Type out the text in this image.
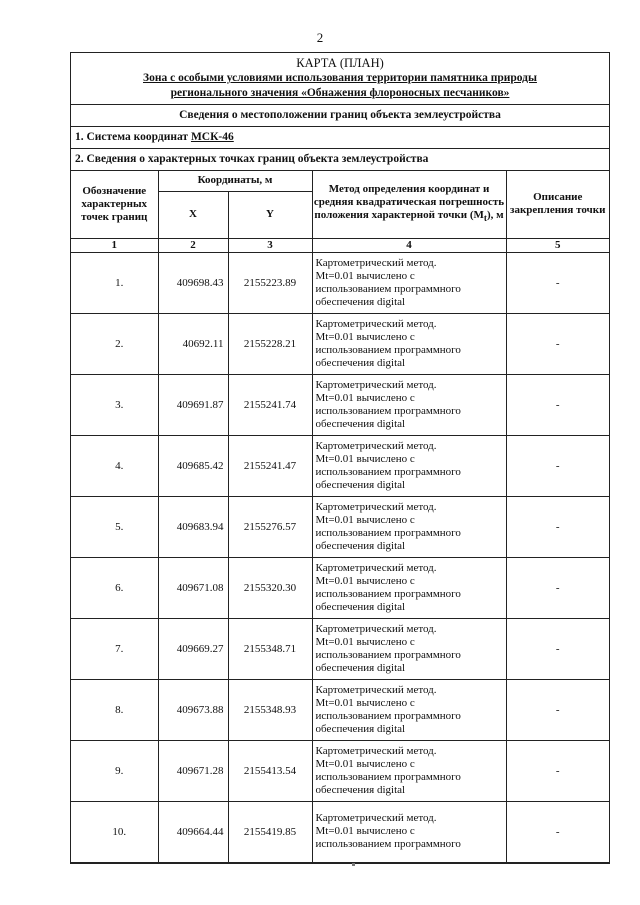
2
КАРТА (ПЛАН)
Зона с особыми условиями использования территории памятника природы
регионального значения «Обнажения флороносных песчаников»
Сведения о местоположении границ объекта землеустройства
1. Система координат МСК-46
2. Сведения о характерных точках границ объекта землеустройства
Обозначение характерных точек границ	Координаты, м		Метод определения координат и средняя квадратическая погрешность положения характерной точки $(M_t)$, м	Описание закрепления точки
	X	Y		
1	2	3	4	5
1.	409698.43	2155223.89	Картометрический метод.
Mt=0.01 вычислено с
использованием программного
обеспечения digital	-
2.	40692.11	2155228.21	Картометрический метод.
Mt=0.01 вычислено с
использованием программного
обеспечения digital	-
3.	409691.87	2155241.74	Картометрический метод.
Mt=0.01 вычислено с
использованием программного
обеспечения digital	-
4.	409685.42	2155241.47	Картометрический метод.
Mt=0.01 вычислено с
использованием программного
обеспечения digital	-
5.	409683.94	2155276.57	Картометрический метод.
Mt=0.01 вычислено с
использованием программного
обеспечения digital	-
6.	409671.08	2155320.30	Картометрический метод.
Mt=0.01 вычислено с
использованием программного
обеспечения digital	-
7.	409669.27	2155348.71	Картометрический метод.
Mt=0.01 вычислено с
использованием программного
обеспечения digital	-
8.	409673.88	2155348.93	Картометрический метод.
Mt=0.01 вычислено с
использованием программного
обеспечения digital	-
9.	409671.28	2155413.54	Картометрический метод.
Mt=0.01 вычислено с
использованием программного
обеспечения digital	-
10.	409664.44	2155419.85	Картометрический метод.
Mt=0.01 вычислено с
использованием программного	-
